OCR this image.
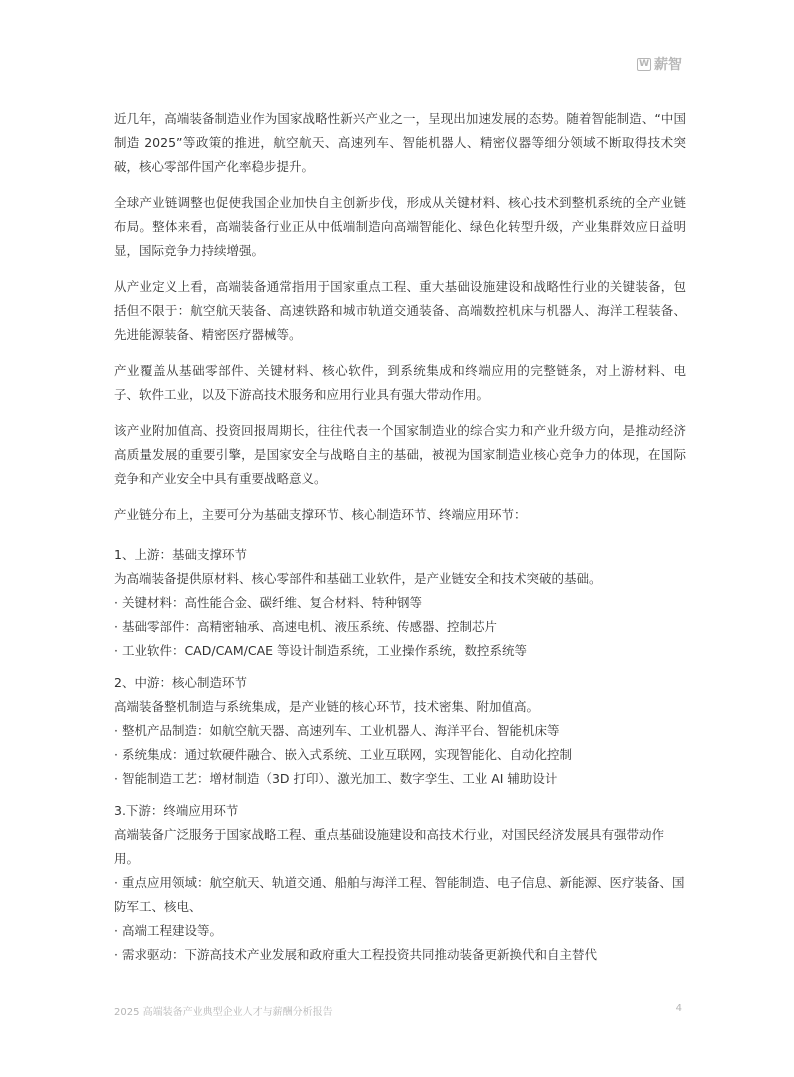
W 薪智

近几年，高端装备制造业作为国家战略性新兴产业之一，呈现出加速发展的态势。随着智能制造、“中国制造 2025”等政策的推进，航空航天、高速列车、智能机器人、精密仪器等细分领域不断取得技术突破，核心零部件国产化率稳步提升。

全球产业链调整也促使我国企业加快自主创新步伐，形成从关键材料、核心技术到整机系统的全产业链布局。整体来看，高端装备行业正从中低端制造向高端智能化、绿色化转型升级，产业集群效应日益明显，国际竞争力持续增强。

从产业定义上看，高端装备通常指用于国家重点工程、重大基础设施建设和战略性行业的关键装备，包括但不限于：航空航天装备、高速铁路和城市轨道交通装备、高端数控机床与机器人、海洋工程装备、先进能源装备、精密医疗器械等。

产业覆盖从基础零部件、关键材料、核心软件，到系统集成和终端应用的完整链条，对上游材料、电子、软件工业，以及下游高技术服务和应用行业具有强大带动作用。

该产业附加值高、投资回报周期长，往往代表一个国家制造业的综合实力和产业升级方向，是推动经济高质量发展的重要引擎，是国家安全与战略自主的基础，被视为国家制造业核心竞争力的体现，在国际竞争和产业安全中具有重要战略意义。

产业链分布上，主要可分为基础支撑环节、核心制造环节、终端应用环节：

1、上游：基础支撑环节
为高端装备提供原材料、核心零部件和基础工业软件，是产业链安全和技术突破的基础。
· 关键材料：高性能合金、碳纤维、复合材料、特种钢等
· 基础零部件：高精密轴承、高速电机、液压系统、传感器、控制芯片
· 工业软件：CAD/CAM/CAE 等设计制造系统，工业操作系统，数控系统等
2、中游：核心制造环节
高端装备整机制造与系统集成，是产业链的核心环节，技术密集、附加值高。
· 整机产品制造：如航空航天器、高速列车、工业机器人、海洋平台、智能机床等
· 系统集成：通过软硬件融合、嵌入式系统、工业互联网，实现智能化、自动化控制
· 智能制造工艺：增材制造（3D 打印）、激光加工、数字孪生、工业 AI 辅助设计
3.下游：终端应用环节
高端装备广泛服务于国家战略工程、重点基础设施建设和高技术行业，对国民经济发展具有强带动作用。
· 重点应用领域：航空航天、轨道交通、船舶与海洋工程、智能制造、电子信息、新能源、医疗装备、国防军工、核电、
· 高端工程建设等。
· 需求驱动：下游高技术产业发展和政府重大工程投资共同推动装备更新换代和自主替代
2025 高端装备产业典型企业人才与薪酬分析报告	4
